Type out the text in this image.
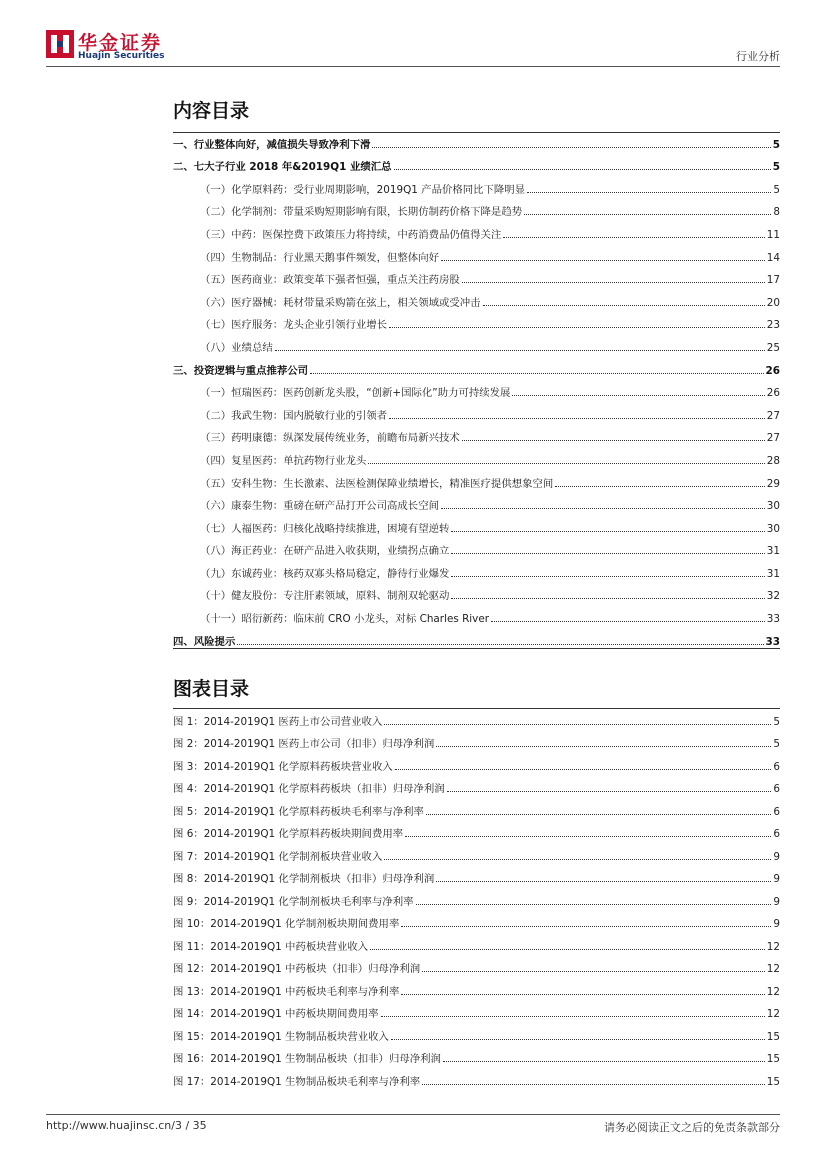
华金证券
Huajin Securities	行业分析
内容目录
一、行业整体向好，减值损失导致净利下滑	5
二、七大子行业 2018 年&2019Q1 业绩汇总	5
（一）化学原料药：受行业周期影响，2019Q1 产品价格同比下降明显	5
（二）化学制剂：带量采购短期影响有限，长期仿制药价格下降是趋势	8
（三）中药：医保控费下政策压力将持续，中药消费品仍值得关注	11
（四）生物制品：行业黑天鹅事件频发，但整体向好	14
（五）医药商业：政策变革下强者恒强，重点关注药房股	17
（六）医疗器械：耗材带量采购箭在弦上，相关领域或受冲击	20
（七）医疗服务：龙头企业引领行业增长	23
（八）业绩总结	25
三、投资逻辑与重点推荐公司	26
（一）恒瑞医药：医药创新龙头股，“创新+国际化”助力可持续发展	26
（二）我武生物：国内脱敏行业的引领者	27
（三）药明康德：纵深发展传统业务，前瞻布局新兴技术	27
（四）复星医药：单抗药物行业龙头	28
（五）安科生物：生长激素、法医检测保障业绩增长，精准医疗提供想象空间	29
（六）康泰生物：重磅在研产品打开公司高成长空间	30
（七）人福医药：归核化战略持续推进，困境有望逆转	30
（八）海正药业：在研产品进入收获期，业绩拐点确立	31
（九）东诚药业：核药双寡头格局稳定，静待行业爆发	31
（十）健友股份：专注肝素领域，原料、制剂双轮驱动	32
（十一）昭衍新药：临床前 CRO 小龙头，对标 Charles River	33
四、风险提示	33
图表目录
图 1：2014-2019Q1 医药上市公司营业收入	5
图 2：2014-2019Q1 医药上市公司（扣非）归母净利润	5
图 3：2014-2019Q1 化学原料药板块营业收入	6
图 4：2014-2019Q1 化学原料药板块（扣非）归母净利润	6
图 5：2014-2019Q1 化学原料药板块毛利率与净利率	6
图 6：2014-2019Q1 化学原料药板块期间费用率	6
图 7：2014-2019Q1 化学制剂板块营业收入	9
图 8：2014-2019Q1 化学制剂板块（扣非）归母净利润	9
图 9：2014-2019Q1 化学制剂板块毛利率与净利率	9
图 10：2014-2019Q1 化学制剂板块期间费用率	9
图 11：2014-2019Q1 中药板块营业收入	12
图 12：2014-2019Q1 中药板块（扣非）归母净利润	12
图 13：2014-2019Q1 中药板块毛利率与净利率	12
图 14：2014-2019Q1 中药板块期间费用率	12
图 15：2014-2019Q1 生物制品板块营业收入	15
图 16：2014-2019Q1 生物制品板块（扣非）归母净利润	15
图 17：2014-2019Q1 生物制品板块毛利率与净利率	15
http://www.huajinsc.cn/3 / 35	请务必阅读正文之后的免责条款部分
